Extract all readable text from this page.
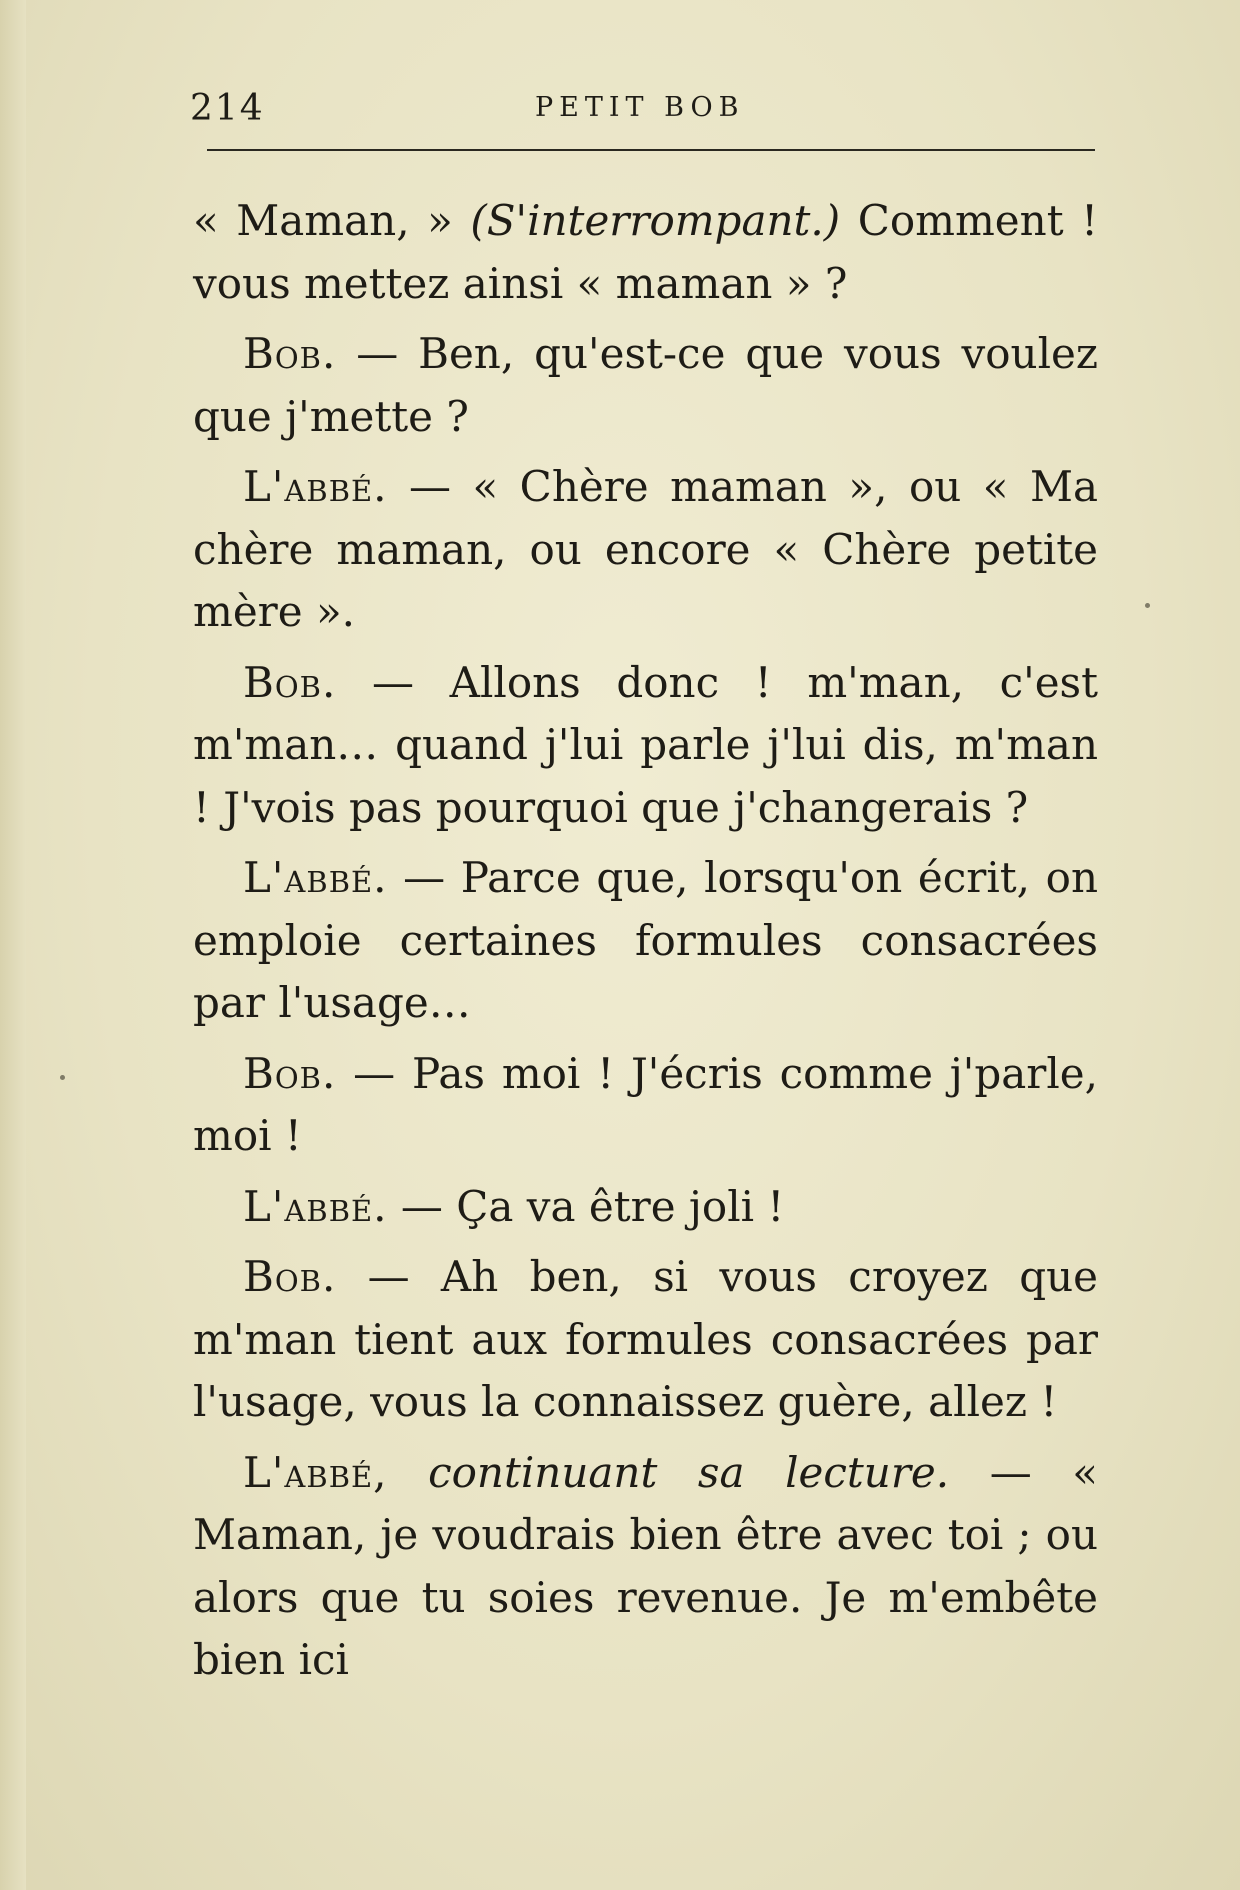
214	PETIT BOB

« Maman, » (S'interrompant.) Comment ! vous mettez ainsi « maman » ?

Bob. — Ben, qu'est-ce que vous voulez que j'mette ?

L'abbé. — « Chère maman », ou « Ma chère maman, ou encore « Chère petite mère ».

Bob. — Allons donc ! m'man, c'est m'man… quand j'lui parle j'lui dis, m'man ! J'vois pas pourquoi que j'changerais ?

L'abbé. — Parce que, lorsqu'on écrit, on emploie certaines formules consacrées par l'usage…

Bob. — Pas moi ! J'écris comme j'parle, moi !

L'abbé. — Ça va être joli !

Bob. — Ah ben, si vous croyez que m'man tient aux formules consacrées par l'usage, vous la connaissez guère, allez !

L'abbé, continuant sa lecture. — « Maman, je voudrais bien être avec toi ; ou alors que tu soies revenue. Je m'embête bien ici
